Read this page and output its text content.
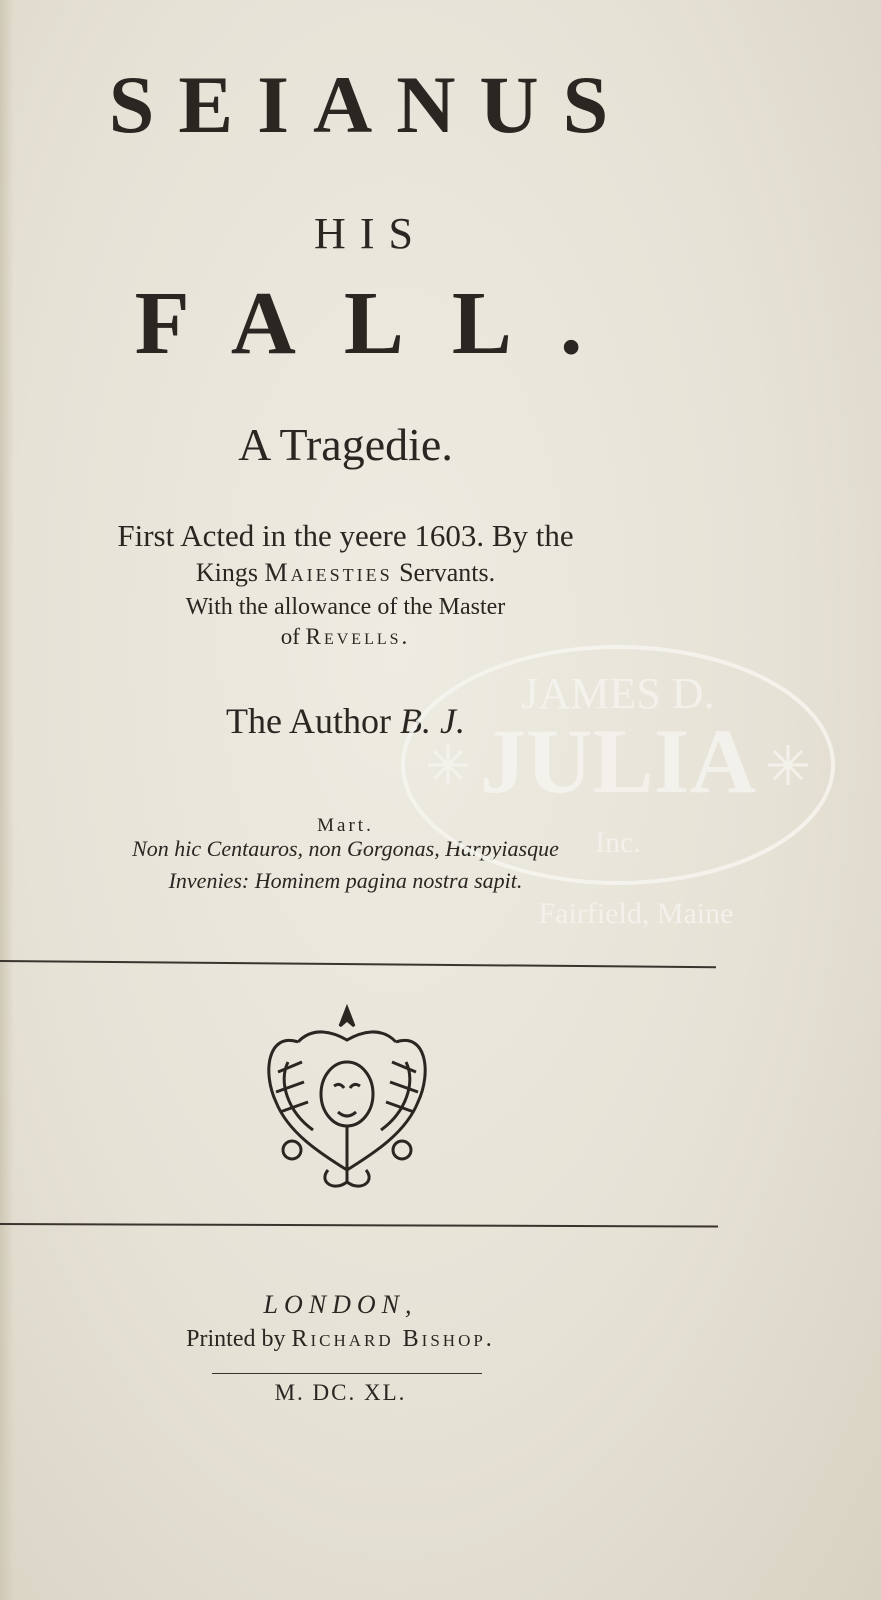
SEIANUS
HIS
FALL.
A Tragedie.
First Acted in the yeere 1603. By the
Kings Maiesties Servants.
With the allowance of the Master
of Revells.
The Author B. J.
Mart.
Non hic Centauros, non Gorgonas, Harpyiasque
Invenies: Hominem pagina nostra sapit.
LONDON,
Printed by Richard Bishop.
M. DC. XL.
JAMES D.
JULIA
Inc.
Fairfield, Maine
